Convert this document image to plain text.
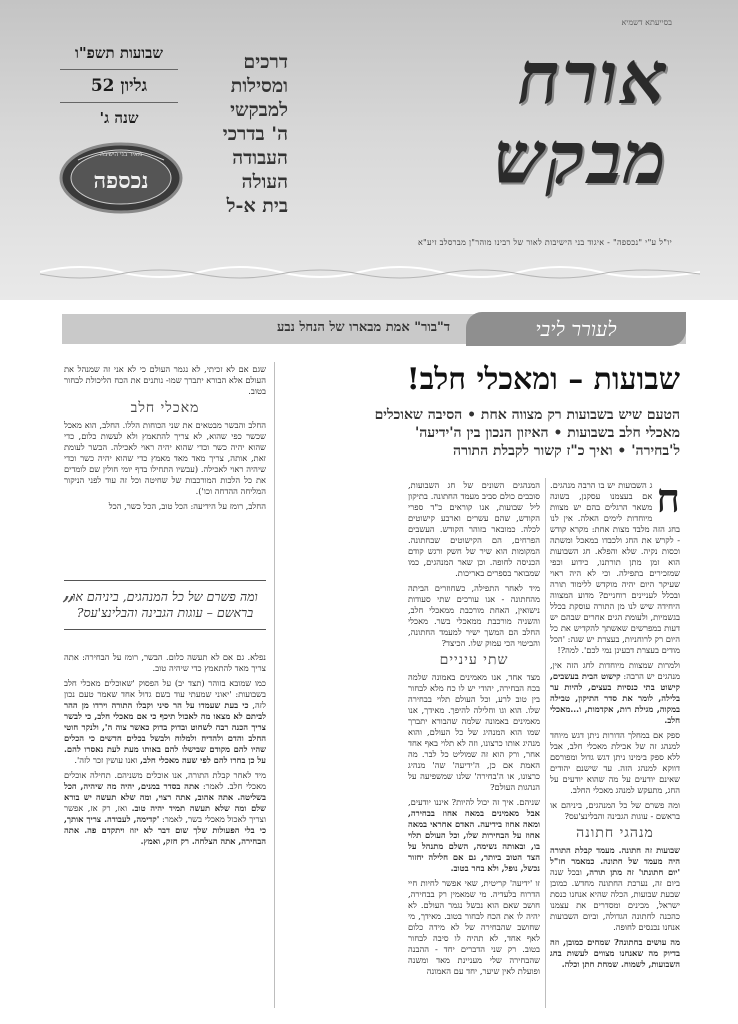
בסייעתא דשמיא
שבועות תשפ"ו
גליון 52
שנה ג'
נכספה
מאיר בני הישיבה
דרכים
ומסילות
למבקשי
ה' בדרכי
העבודה
העולה
בית א-ל
אורח
מבקש
יו"ל ע"י "נכספה" - איגוד בני הישיבות לאור של רבינו מוהר"ן מברסלב זיע"א
לעורר ליבי
ד"בור" אמת מבארו של הנחל נבע
שבועות – ומאכלי חלב!
הטעם שיש בשבועות רק מצווה אחת • הסיבה שאוכלים
מאכלי חלב בשבועות • האיזון הנכון בין ה'ידיעה'
ל'בחירה' • ואיך כ"ז קשור לקבלת התורה

ח
ג השבועות יש בו הרבה מנהגים. אם בעצמנו עסקנן, בשונה משאר הרגלים בהם יש מצוות מיוחדות לימים האלה. אין לנו בחג הזה מלבד מצות אחת: מקרא קודש - לקרש את החג ולכבדו במאכל ומשתה וכסות נקיה. שלא והפלא. חג השבועות הוא זמן מתן תורתנו, כידוע וכפי שמזכירים בתפילה. וכי לא היה ראוי שעיקר היום יהיה מוקדש ללימוד תורה ובכלל לעניינים רוחניים? מדוע המצווה היחידה שיש לנו מן התורה עוסקת בכלל בגשמיות, ולעומת הגים אחרים שבהם יש דעות במפרשים שאשתך להקדיש את כל היום רק לרוחניות, בעצרת יש שגה: 'הכל מודים בעצרת דבעינן נמי לכם'. למה?!

ולמרות שמצוות מיוחדות לחג הזה אין, מנהגים יש הרבה: קישוט הבית בעשבים, קישוט בתי כנסיות בעצים, להיות ער בלילה, לומר את סדר התיקון, טבילה במקוה, מגילת רות, אקדמות, ו...מאכלי חלב.

ספק אם במחלך הדורות ניתן דגש מיוחד למנהג זה של אכילת מאכלי חלב, אבל ללא ספק בימינו ניתן דגש גדול ומפורסם דווקא למנהג הזה. עד שישנם יהודים שאינם יודעים על מה שהוא יודעים על החג, מתעקש למנהג מאכלי החלב.

ומה פשרם של כל המנהגים, ביניהם או בראשם - עוגות הגבינה והבלינצ'עס?

מנהגי חתונה

שבועות זה חתונה. מעמד קבלת התורה היה מעמד של חתונה. כמאמר חז"ל 'יום חתונתו' זה מתן תורה, ובכל שנה ביום זה, נערכת החתונה מחדש. כמובן שבעת שבועות, הכלה שהיא אנחנו כנסת ישראל, מכינים ומסדרים את עצמנו כהכנה לחתונה הגדולה, וביום השבועות אנחנו נכנסים לחופה.

מה עושים בחתונה? שמחים כמובן, וזה בדיוק מה שאנחנו מצווים לעשות בחג השבועות, לשמוח. שמחת חתן וכלה.

המנהגים השונים של חג השבועות, סובבים כולם סביב מעמד החתונה. בתיקון ליל שבועות, אנו קוראים כ"ד ספרי הקודש, שהם עשרים וארבע קישוטים לכלה. כמובאר בזוהר הקודש. העשבים הפרחים, הם הקישוטים שבחתונה. המקומות הוא שיר של חשק ורגש קודם הכניסה לחופה. וכן שאר המנהגים, כמו שמבואר בספרים באריכות.

מיד לאחר התפילה, כשחוזרים הביתה מהחתונה - אנו עורכים שתי סעודות נישואין, האחת מורכבת ממאכלי חלב, והשניה מורכבת ממאכלי בשר. מאכלי החלב הם המשך ישיר למעמד החתונה, והביטוי הכי עמוק שלו. הכיצד?

שתי עיניים

מצד אחד, אנו מאמינים באמונה שלמה בכח הבחירה, יהודי יש לו כח מלא לבחור בין טוב לרע, וכל העולם תלוי בבחירה שלו. הוא וגו וחלילה להיפך. מאידך, אנו מאמינים באמונה שלמה שהבורא יתברך שמו הוא המנהיג של כל העולם, והוא מנהיג אותו כרצונו, וזה לא תלוי באף אחד אחר, ורק הוא זה שמוליט כל לבר. מה האמת אם כן, ה'ידיעה' שה' מנהיג כרצונו, או ה'בחירה' שלנו שמשפיעה על הנהגות העולם?

שניהם. איך זה יכול להיות? איננו יודעים, אבל מאמינים במאה אחוז בבחירה, ומאה אחוז בידיעה. האדם אחראי במאה אחוז על הבחירות שלו, וכל העולם תלוי בו, ובאותה נשימה, השלם מתנהל על הצד הטוב ביותר, גם אם חלילה יחזור נכשל, נופל, ולא בחר בטוב.

זו 'ידיעה' קריטית, שאי אפשר לחיות חיי הדרוח בלעדיה. מי שמאמין רק בבחירה, חושב שאם הוא נכשל נגמר העולם. לא יהיה לו את הכח לבחור בטוב. מאידך, מי שחושב שהבחירה של לא מידה כלום לאף אחד, לא תהיה לו סיבה לבחור בטוב. רק שני הדברים יחד - ההבנה שהבחירה שלי מעניינת מאד ומשנה ופועלת לאין שיער, יחד עם האמונה

שגם אם לא זכיתי, לא נגמר העולם כי לא אני זה שמנהל את העולם אלא הבורא יתברך שמו- נותנים את הכח הליכולת לבחור בטוב.

מאכלי חלב

החלב והבשר מבטאים את שני הכוחות הללו. החלב, הוא מאכל שכשר כפי שהוא, לא צריך להתאמץ ולא לעשות כלום, כדי שהוא יהיה כשר וכדי שהוא יהיה ראוי לאכילה. הבשר לעומת זאת, אותה, צריך מאד מאד מאמץ כדי שהוא יהיה כשר וכדי שיהיה ראוי לאכילה. (עבשיו התחילו בדף יומי חולין שם לומדים את כל הלכות המורכבות של שחיטה וכל זה עוד לפני הניקור המליחה ההדחה וכו').

החלב, רומז על הידיעה: הכל טוב, הכל כשר, הכל

„
ומה פשרם של כל המנהגים, ביניהם או בראשם – עוגות הגבינה והבלינצ'עס?

נפלא. גם אם לא תעשה כלום. הבשר, רומז על הבחירה: אתה צריך מאד להתאמץ כדי שיהיה טוב.

כמו שמובא בזוהר (תצד יב) על הפסוק 'שאוכלים מאכלי חלב בשבועות: 'יאוני שמעתי עוד בשם גדול אחד שאמר טעם נכון לזה, כי בעת שעמדו על הר סיני וקבלו התורה וירדו מן ההר לביתם לא מצאו מה לאכול תיכף כי אם מאכלי חלב, כי לבשר צריך הכנה רבה לשחוט ובדוק בדוק כאשר צוה ה', ולנקר חוטי החלב והדם ולהדיח ולמלוח ולבשל בכלים חדשים כי הכלים שהיו להם מקודם שבישלו להם באותו מעת לעת נאסרו להם. על כן בחרו להם לפי שעה מאכלי חלב, ואנו עושין זכר לזה'.

מיד לאחר קבלת התורה, אנו אוכלים משניהם. תחילה אוכלים מאכלי חלב. לאמר: אתה בסדר במנים, יהיה מה שיהיה, הכל בשליטה. אתה אהוב, אתה רצוי, ומה שלא תעשה יש בורא שלם ומה שלא תעשה תמיד יהיה טוב. ואז, רק אז, אפשר וצריך לאכול מאכלי בשר, לאמר: 'קדימה, לעבודה. צריך אותך, כי בלי הפעולות שלך שום דבר לא יזוז ויתקדם פה. אתה הבחירה, אתה הצלחה. רק חזק, ואמץ.
